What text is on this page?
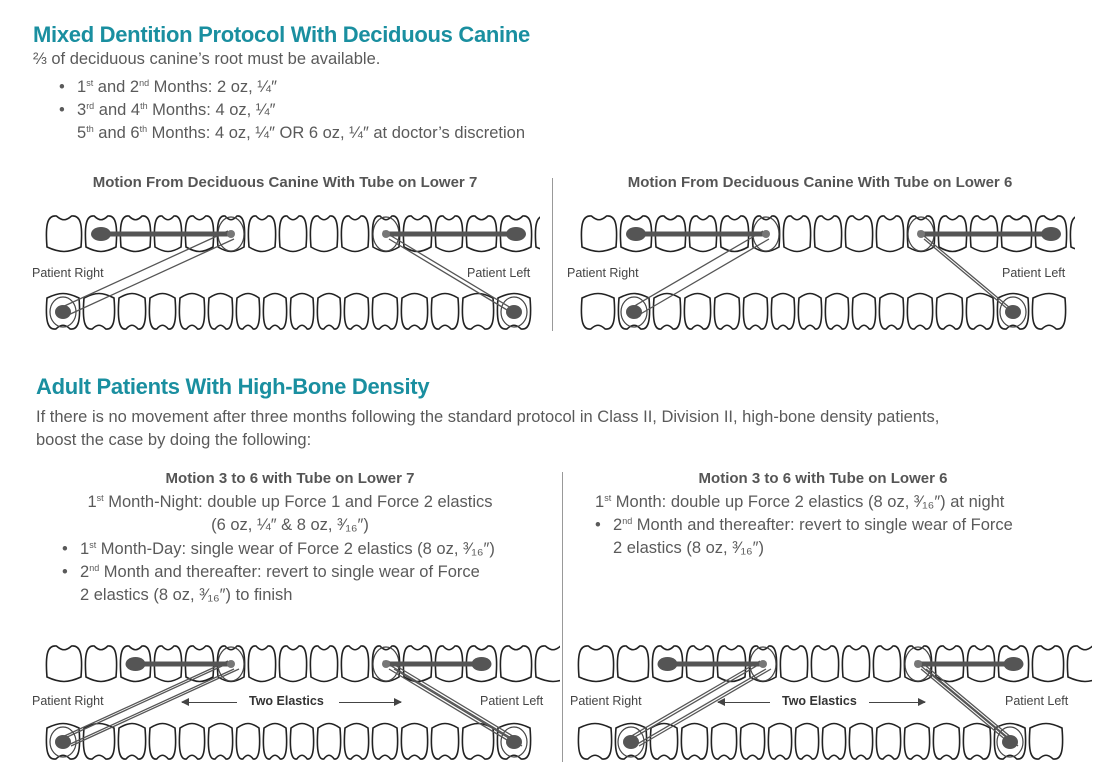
Mixed Dentition Protocol With Deciduous Canine
⅔ of deciduous canine’s root must be available.
• 1st and 2nd Months: 2 oz, ¼″
• 3rd and 4th Months: 4 oz, ¼″
5th and 6th Months: 4 oz, ¼″ OR 6 oz, ¼″ at doctor’s discretion
Motion From Deciduous Canine With Tube on Lower 7	Motion From Deciduous Canine With Tube on Lower 6
Patient Right	Patient Left	Patient Right	Patient Left
Adult Patients With High-Bone Density
If there is no movement after three months following the standard protocol in Class II, Division II, high-bone density patients,
boost the case by doing the following:
Motion 3 to 6 with Tube on Lower 7
1st Month-Night: double up Force 1 and Force 2 elastics
(6 oz, ¼″ & 8 oz, ³⁄₁₆″)
• 1st Month-Day: single wear of Force 2 elastics (8 oz, ³⁄₁₆″)
• 2nd Month and thereafter: revert to single wear of Force
2 elastics (8 oz, ³⁄₁₆″) to finish
Motion 3 to 6 with Tube on Lower 6
1st Month: double up Force 2 elastics (8 oz, ³⁄₁₆″) at night
• 2nd Month and thereafter: revert to single wear of Force
2 elastics (8 oz, ³⁄₁₆″)
Patient Right	Patient Left
Two Elastics	Patient Right	Patient Left
Two Elastics
